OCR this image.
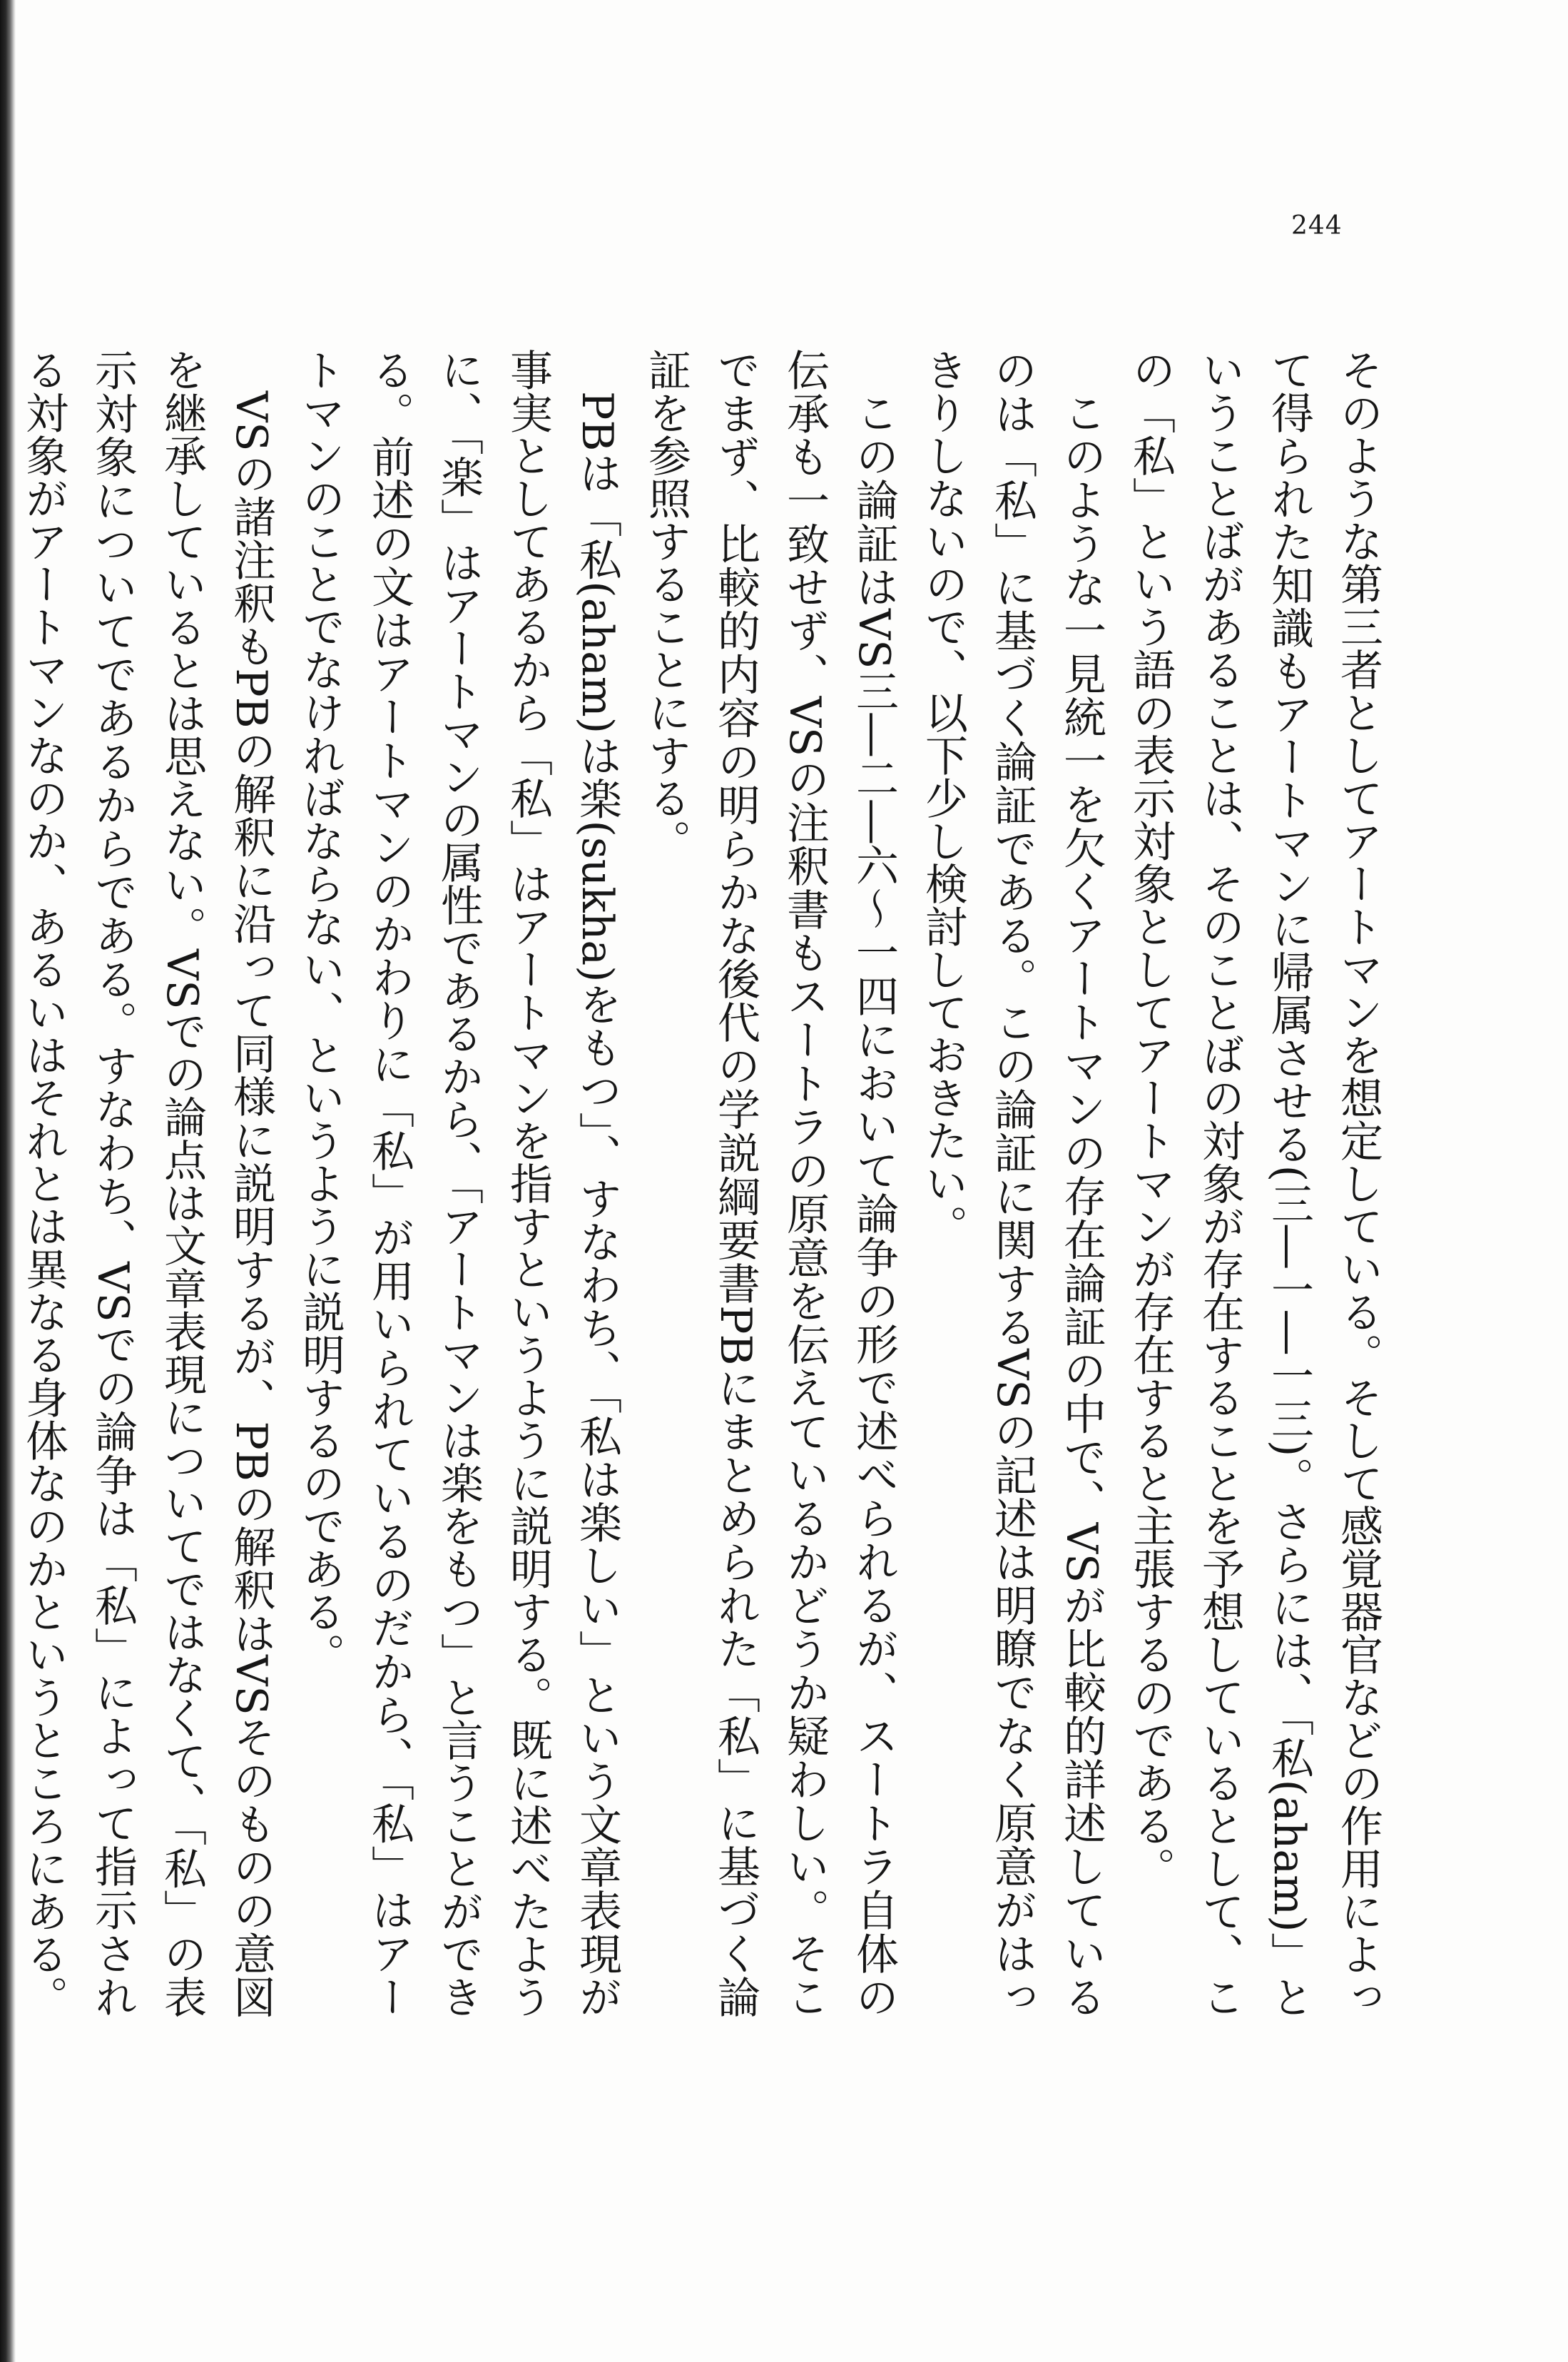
244

そのような第三者としてアートマンを想定している。そして感覚器官などの作用によって得られた知識もアートマンに帰属させる(三―一―一三)。さらには、「私(aham)」ということばがあることは、そのことばの対象が存在することを予想しているとして、この「私」という語の表示対象としてアートマンが存在すると主張するのである。

このような一見統一を欠くアートマンの存在論証の中で、VSが比較的詳述しているのは「私」に基づく論証である。この論証に関するVSの記述は明瞭でなく原意がはっきりしないので、以下少し検討しておきたい。

この論証はVS三―二―六〜一四において論争の形で述べられるが、スートラ自体の伝承も一致せず、VSの注釈書もスートラの原意を伝えているかどうか疑わしい。そこでまず、比較的内容の明らかな後代の学説綱要書PBにまとめられた「私」に基づく論証を参照することにする。

PBは「私(aham)は楽(sukha)をもつ」、すなわち、「私は楽しい」という文章表現が事実としてあるから「私」はアートマンを指すというように説明する。既に述べたように、「楽」はアートマンの属性であるから、「アートマンは楽をもつ」と言うことができる。前述の文はアートマンのかわりに「私」が用いられているのだから、「私」はアートマンのことでなければならない、というように説明するのである。

VSの諸注釈もPBの解釈に沿って同様に説明するが、PBの解釈はVSそのものの意図を継承しているとは思えない。VSでの論点は文章表現についてではなくて、「私」の表示対象についてであるからである。すなわち、VSでの論争は「私」によって指示される対象がアートマンなのか、あるいはそれとは異なる身体なのかというところにある。
